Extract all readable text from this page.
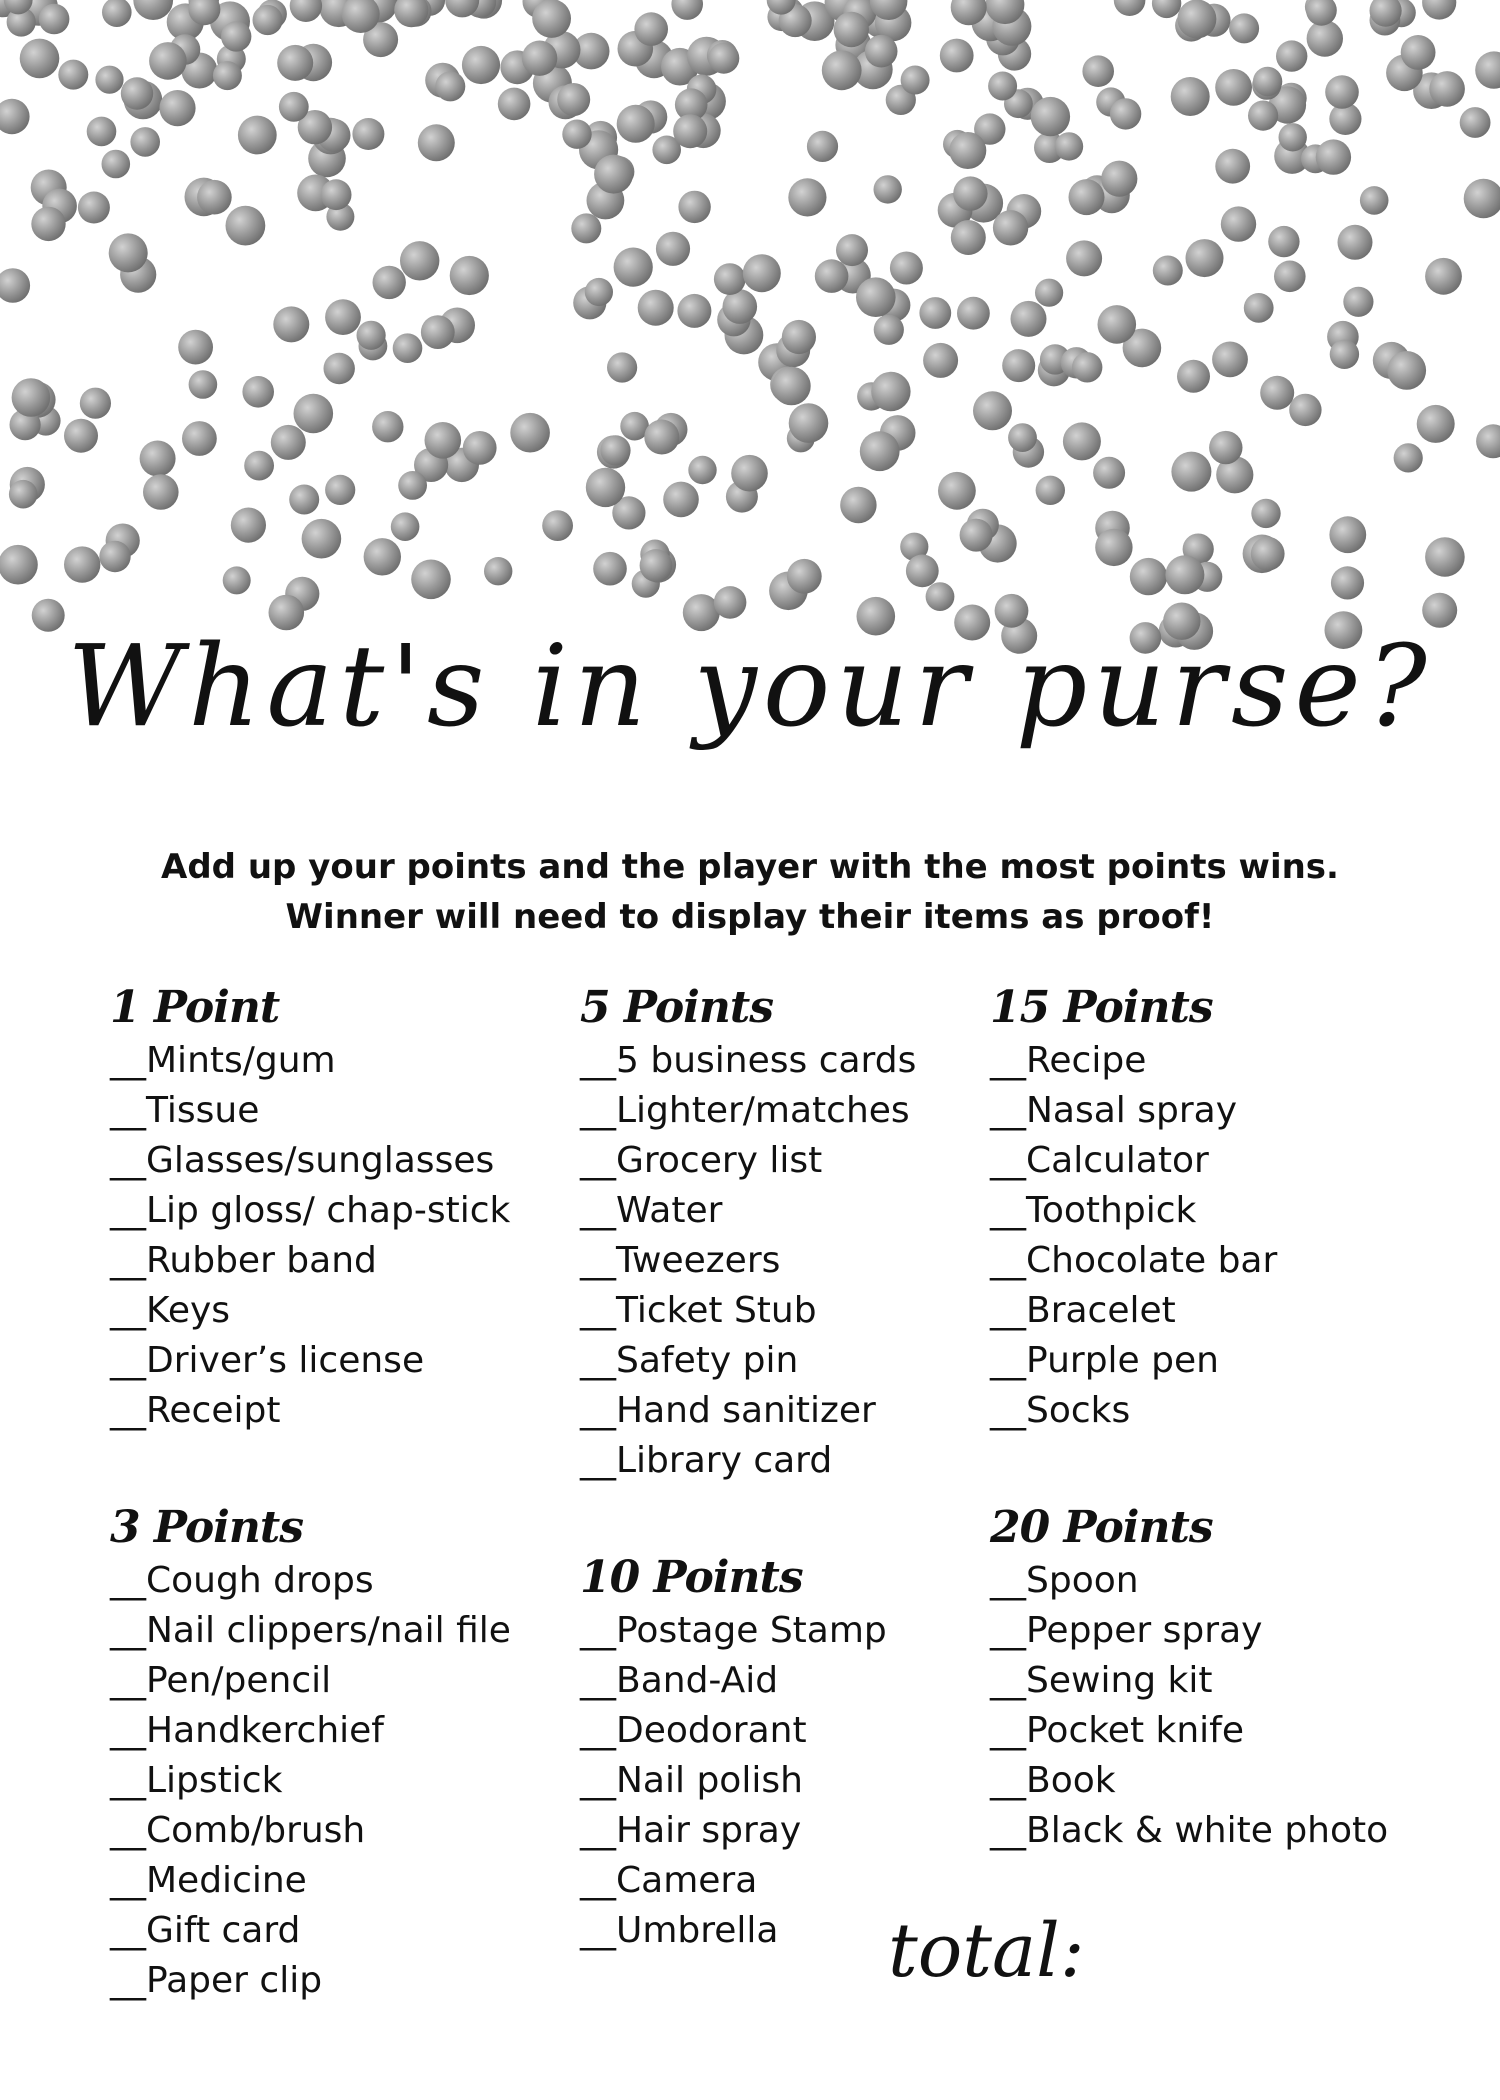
What's in your purse?
Add up your points and the player with the most points wins.
Winner will need to display their items as proof!
1 Point
__Mints/gum
__Tissue
__Glasses/sunglasses
__Lip gloss/ chap-stick
__Rubber band
__Keys
__Driver’s license
__Receipt
3 Points
__Cough drops
__Nail clippers/nail file
__Pen/pencil
__Handkerchief
__Lipstick
__Comb/brush
__Medicine
__Gift card
__Paper clip
5 Points
__5 business cards
__Lighter/matches
__Grocery list
__Water
__Tweezers
__Ticket Stub
__Safety pin
__Hand sanitizer
__Library card
10 Points
__Postage Stamp
__Band-Aid
__Deodorant
__Nail polish
__Hair spray
__Camera
__Umbrella
15 Points
__Recipe
__Nasal spray
__Calculator
__Toothpick
__Chocolate bar
__Bracelet
__Purple pen
__Socks
20 Points
__Spoon
__Pepper spray
__Sewing kit
__Pocket knife
__Book
__Black & white photo
total:
